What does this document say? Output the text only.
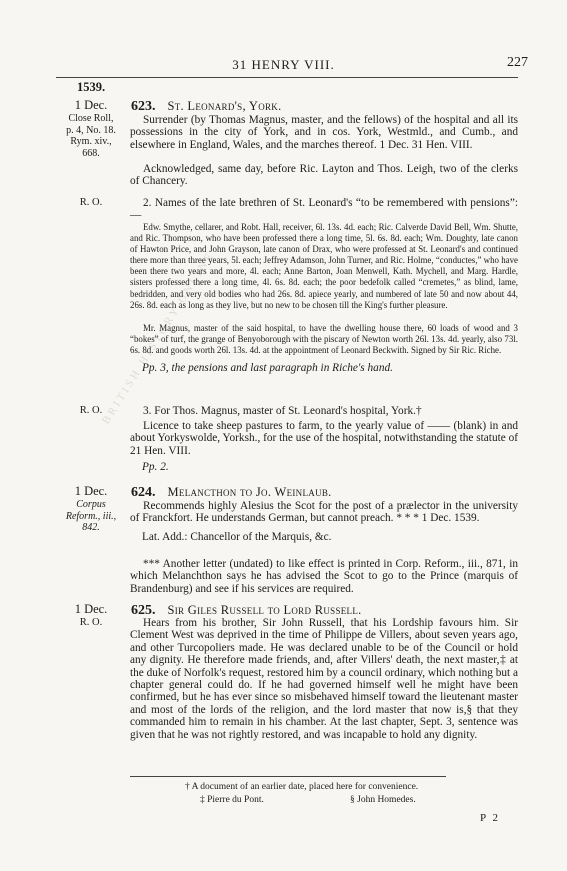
BRITISH HISTORY ONLINE
31 HENRY VIII.	227
1539.
1 Dec.
Close Roll,
p. 4, No. 18.
Rym. xiv.,
668.
623. St. Leonard's, York.
Surrender (by Thomas Magnus, master, and the fellows) of the hospital and all its possessions in the city of York, and in cos. York, Westmld., and Cumb., and elsewhere in England, Wales, and the marches thereof. 1 Dec. 31 Hen. VIII.
Acknowledged, same day, before Ric. Layton and Thos. Leigh, two of the clerks of Chancery.
R. O.	2. Names of the late brethren of St. Leonard's “to be remembered with pensions”:—
Edw. Smythe, cellarer, and Robt. Hall, receiver, 6l. 13s. 4d. each; Ric. Calverde David Bell, Wm. Shutte, and Ric. Thompson, who have been professed there a long time, 5l. 6s. 8d. each; Wm. Doughty, late canon of Hawton Price, and John Grayson, late canon of Drax, who were professed at St. Leonard's and continued there more than three years, 5l. each; Jeffrey Adamson, John Turner, and Ric. Holme, “conductes,” who have been there two years and more, 4l. each; Anne Barton, Joan Menwell, Kath. Mychell, and Marg. Hardle, sisters professed there a long time, 4l. 6s. 8d. each; the poor bedefolk called “cremetes,” as blind, lame, bedridden, and very old bodies who had 26s. 8d. apiece yearly, and numbered of late 50 and now about 44, 26s. 8d. each as long as they live, but no new to be chosen till the King's further pleasure.
Mr. Magnus, master of the said hospital, to have the dwelling house there, 60 loads of wood and 3 “bokes” of turf, the grange of Benyoborough with the piscary of Newton worth 26l. 13s. 4d. yearly, also 73l. 6s. 8d. and goods worth 26l. 13s. 4d. at the appointment of Leonard Beckwith. Signed by Sir Ric. Riche.
Pp. 3, the pensions and last paragraph in Riche's hand.
R. O.	3. For Thos. Magnus, master of St. Leonard's hospital, York.†
Licence to take sheep pastures to farm, to the yearly value of —— (blank) in and about Yorkyswolde, Yorksh., for the use of the hospital, notwithstanding the statute of 21 Hen. VIII.
Pp. 2.
1 Dec.
Corpus
Reform., iii.,
842.
624. Melancthon to Jo. Weinlaub.
Recommends highly Alesius the Scot for the post of a prælector in the university of Franckfort. He understands German, but cannot preach. * * * 1 Dec. 1539.
Lat. Add.: Chancellor of the Marquis, &c.
*** Another letter (undated) to like effect is printed in Corp. Reform., iii., 871, in which Melanchthon says he has advised the Scot to go to the Prince (marquis of Brandenburg) and see if his services are required.
1 Dec.
R. O.
625. Sir Giles Russell to Lord Russell.
Hears from his brother, Sir John Russell, that his Lordship favours him. Sir Clement West was deprived in the time of Philippe de Villers, about seven years ago, and other Turcopoliers made. He was declared unable to be of the Council or hold any dignity. He therefore made friends, and, after Villers' death, the next master,‡ at the duke of Norfolk's request, restored him by a council ordinary, which nothing but a chapter general could do. If he had governed himself well he might have been confirmed, but he has ever since so misbehaved himself toward the lieutenant master and most of the lords of the religion, and the lord master that now is,§ that they commanded him to remain in his chamber. At the last chapter, Sept. 3, sentence was given that he was not rightly restored, and was incapable to hold any dignity.
† A document of an earlier date, placed here for convenience.
‡ Pierre du Pont.	§ John Homedes.
P 2
